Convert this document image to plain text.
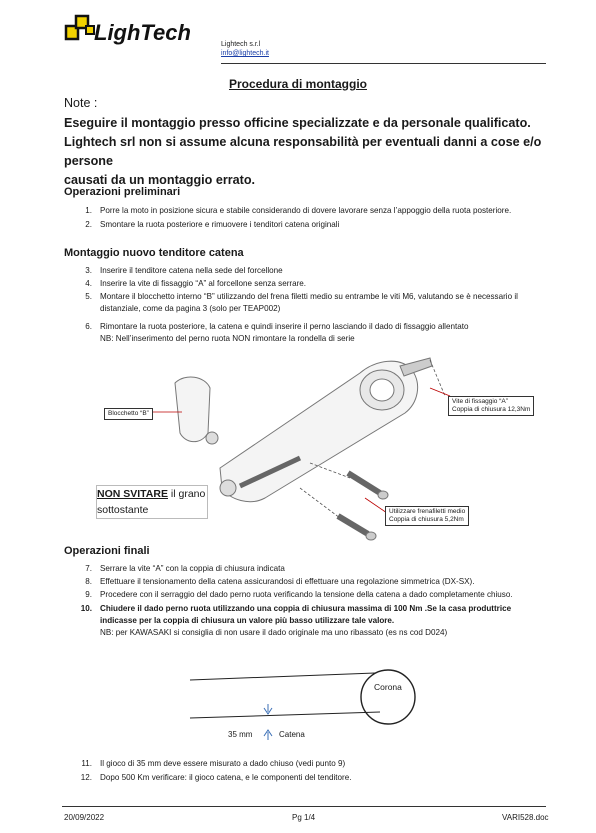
LighTech	Lightech s.r.l
info@lightech.it
Procedura di montaggio
Note :
Eseguire il montaggio presso officine specializzate e da personale qualificato.
Lightech srl non si assume alcuna responsabilità per eventuali danni a cose e/o persone
causati da un montaggio errato.
Operazioni preliminari
1. Porre la moto in posizione sicura e stabile considerando di dovere lavorare senza l’appoggio della ruota posteriore.
2. Smontare la ruota posteriore e rimuovere i tenditori catena originali
Montaggio nuovo tenditore catena
3. Inserire il tenditore catena nella sede del forcellone
4. Inserire la vite di fissaggio “A” al forcellone senza serrare.
5. Montare il blocchetto interno “B” utilizzando del frena filetti medio su entrambe le viti M6, valutando se è necessario il
distanziale, come da pagina 3 (solo per TEAP002)
6. Rimontare la ruota posteriore, la catena e quindi inserire il perno lasciando il dado di fissaggio allentato
NB: Nell’inserimento del perno ruota NON rimontare la rondella di serie
Blocchetto “B”
Vite di fissaggio “A”
Coppia di chiusura 12,3Nm
Utilizzare frenafiletti medio
Coppia di chiusura 5,2Nm
NON SVITARE il grano
sottostante
Operazioni finali
7. Serrare la vite “A” con la coppia di chiusura indicata
8. Effettuare il tensionamento della catena assicurandosi di effettuare una regolazione simmetrica (DX-SX).
9. Procedere con il serraggio del dado perno ruota verificando la tensione della catena a dado completamente chiuso.
10. Chiudere il dado perno ruota utilizzando una coppia di chiusura massima di 100 Nm .Se la casa produttrice
indicasse per la coppia di chiusura un valore più basso utilizzare tale valore.
NB: per KAWASAKI si consiglia di non usare il dado originale ma uno ribassato (es ns cod D024)
Corona
35 mm	Catena
11. Il gioco di 35 mm deve essere misurato a dado chiuso (vedi punto 9)
12. Dopo 500 Km verificare: il gioco catena, e le componenti del tenditore.
20/09/2022	Pg 1/4	VARI528.doc
